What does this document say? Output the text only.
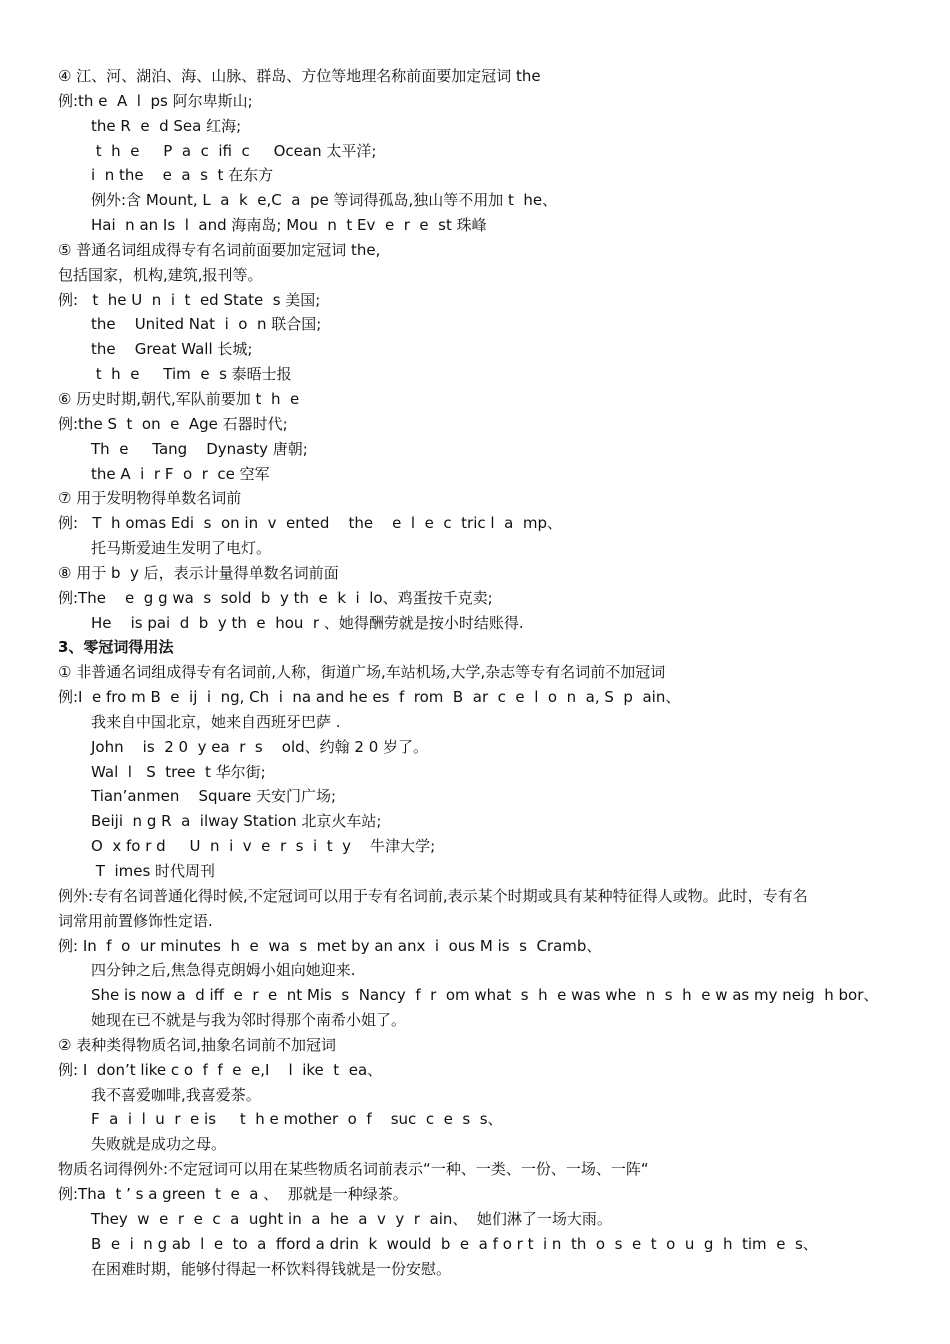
④ 江、河、湖泊、海、山脉、群岛、方位等地理名称前面要加定冠词 the
例:th e  A  l  ps 阿尔卑斯山;
the R  e  d Sea 红海;
t  h  e     P  a  c  ifi  c     Ocean 太平洋;
i  n the    e  a  s  t 在东方
例外:含 Mount, L  a  k  e,C  a  pe 等词得孤岛,独山等不用加 t  he、
Hai  n an Is  l  and 海南岛; Mou  n  t Ev  e  r  e  st 珠峰
⑤ 普通名词组成得专有名词前面要加定冠词 the,
包括国家，机构,建筑,报刊等。
例:   t  he U  n  i  t  ed State  s 美国;
the    United Nat  i  o  n 联合国;
the    Great Wall 长城;
t  h  e     Tim  e  s 泰晤士报
⑥ 历史时期,朝代,军队前要加 t  h  e
例:the S  t  on  e  Age 石器时代;
Th  e     Tang    Dynasty 唐朝;
the A  i  r F  o  r  ce 空军
⑦ 用于发明物得单数名词前
例:   T  h omas Edi  s  on in  v  ented    the    e  l  e  c  tric l  a  mp、
托马斯爱迪生发明了电灯。
⑧ 用于 b  y 后，表示计量得单数名词前面
例:The    e  g g wa  s  sold  b  y th  e  k  i  lo、鸡蛋按千克卖;
He    is pai  d  b  y th  e  hou  r 、她得酬劳就是按小时结账得.
3、零冠词得用法
① 非普通名词组成得专有名词前,人称，街道广场,车站机场,大学,杂志等专有名词前不加冠词
例:I  e fro m B  e  ij  i  ng, Ch  i  na and he es  f  rom  B  ar  c  e  l  o  n  a, S  p  ain、
我来自中国北京，她来自西班牙巴萨 .
John    is  2 0  y ea  r  s    old、约翰 2 0 岁了。
Wal  l   S  tree  t 华尔街;
Tian’anmen    Square 天安门广场;
Beiji  n g R  a  ilway Station 北京火车站;
O  x fo r d     U  n  i  v  e  r  s  i  t  y    牛津大学;
T  imes 时代周刊
例外:专有名词普通化得时候,不定冠词可以用于专有名词前,表示某个时期或具有某种特征得人或物。此时，专有名
词常用前置修饰性定语.
例: In  f  o  ur minutes  h  e  wa  s  met by an anx  i  ous M is  s  Cramb、
四分钟之后,焦急得克朗姆小姐向她迎来.
She is now a  d iff  e  r  e  nt Mis  s  Nancy  f  r  om what  s  h  e was whe  n  s  h  e w as my neig  h bor、
她现在已不就是与我为邻时得那个南希小姐了。
② 表种类得物质名词,抽象名词前不加冠词
例: I  don’t like c o  f  f  e  e,I    l  ike  t  ea、
我不喜爱咖啡,我喜爱茶。
F  a  i  l  u  r  e is     t  h e mother  o  f    suc  c  e  s  s、
失败就是成功之母。
物质名词得例外:不定冠词可以用在某些物质名词前表示“一种、一类、一份、一场、一阵“
例:Tha  t ’ s a green  t  e  a 、  那就是一种绿茶。
They  w  e  r  e  c  a  ught in  a  he  a  v  y  r  ain、  她们淋了一场大雨。
B  e  i  n g ab  l  e  to  a  fford a drin  k  would  b  e  a f o r t  i n  th  o  s  e  t  o  u  g  h  tim  e  s、
在困难时期，能够付得起一杯饮料得钱就是一份安慰。
